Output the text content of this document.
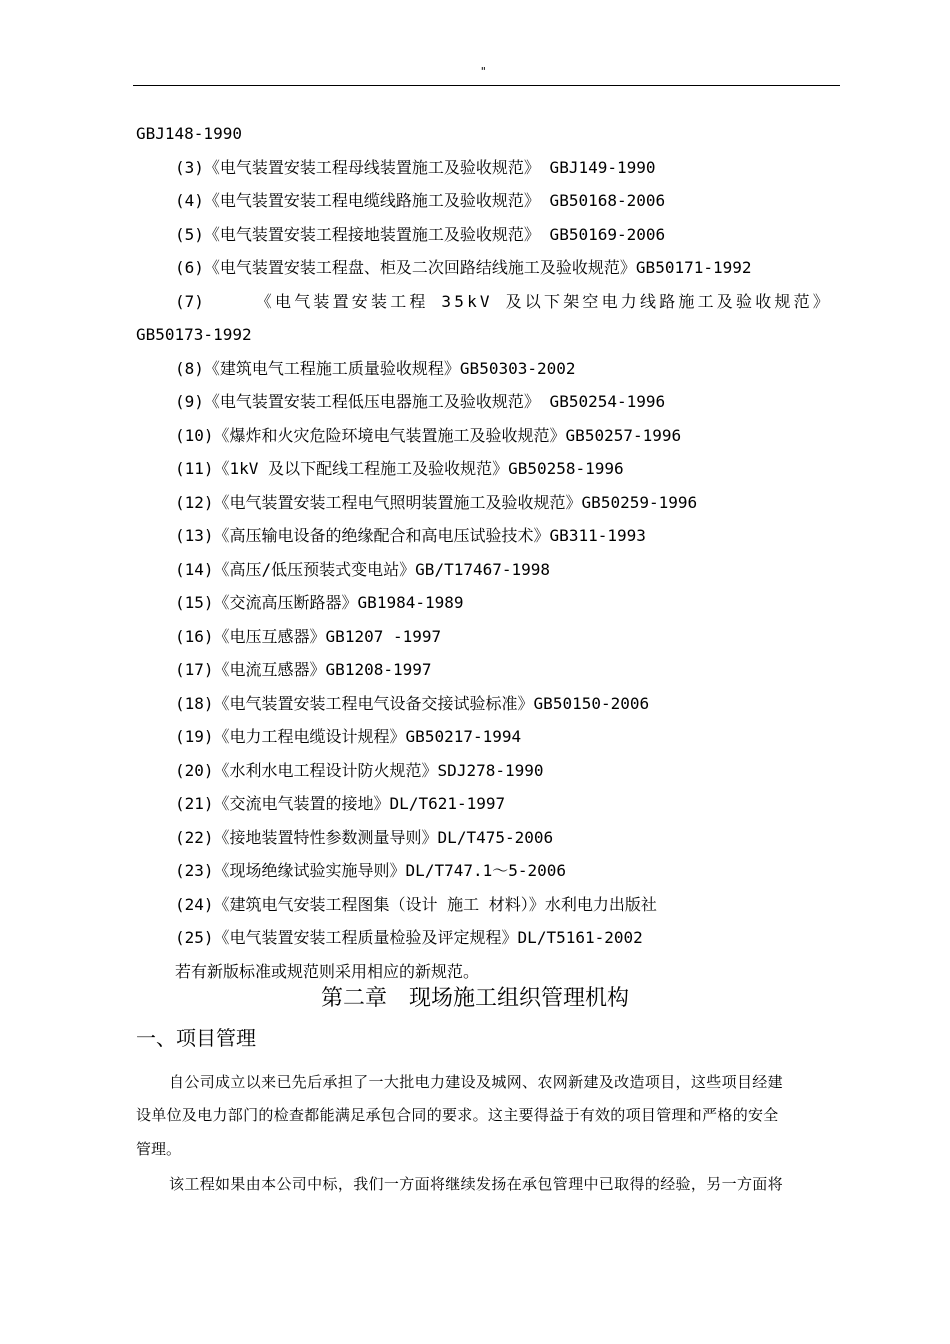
"
GBJ148-1990
(3)《电气装置安装工程母线装置施工及验收规范》 GBJ149-1990
(4)《电气装置安装工程电缆线路施工及验收规范》 GB50168-2006
(5)《电气装置安装工程接地装置施工及验收规范》 GB50169-2006
(6)《电气装置安装工程盘、柜及二次回路结线施工及验收规范》GB50171-1992
(7)	《电气装置安装工程 35kV 及以下架空电力线路施工及验收规范》
GB50173-1992
(8)《建筑电气工程施工质量验收规程》GB50303-2002
(9)《电气装置安装工程低压电器施工及验收规范》 GB50254-1996
(10)《爆炸和火灾危险环境电气装置施工及验收规范》GB50257-1996
(11)《1kV 及以下配线工程施工及验收规范》GB50258-1996
(12)《电气装置安装工程电气照明装置施工及验收规范》GB50259-1996
(13)《高压输电设备的绝缘配合和高电压试验技术》GB311-1993
(14)《高压/低压预装式变电站》GB/T17467-1998
(15)《交流高压断路器》GB1984-1989
(16)《电压互感器》GB1207 -1997
(17)《电流互感器》GB1208-1997
(18)《电气装置安装工程电气设备交接试验标准》GB50150-2006
(19)《电力工程电缆设计规程》GB50217-1994
(20)《水利水电工程设计防火规范》SDJ278-1990
(21)《交流电气装置的接地》DL/T621-1997
(22)《接地装置特性参数测量导则》DL/T475-2006
(23)《现场绝缘试验实施导则》DL/T747.1～5-2006
(24)《建筑电气安装工程图集（设计 施工 材料）》水利电力出版社
(25)《电气装置安装工程质量检验及评定规程》DL/T5161-2002
若有新版标准或规范则采用相应的新规范。
第二章　现场施工组织管理机构
一、项目管理
自公司成立以来已先后承担了一大批电力建设及城网、农网新建及改造项目，这些项目经建
设单位及电力部门的检查都能满足承包合同的要求。这主要得益于有效的项目管理和严格的安全
管理。
该工程如果由本公司中标，我们一方面将继续发扬在承包管理中已取得的经验，另一方面将
